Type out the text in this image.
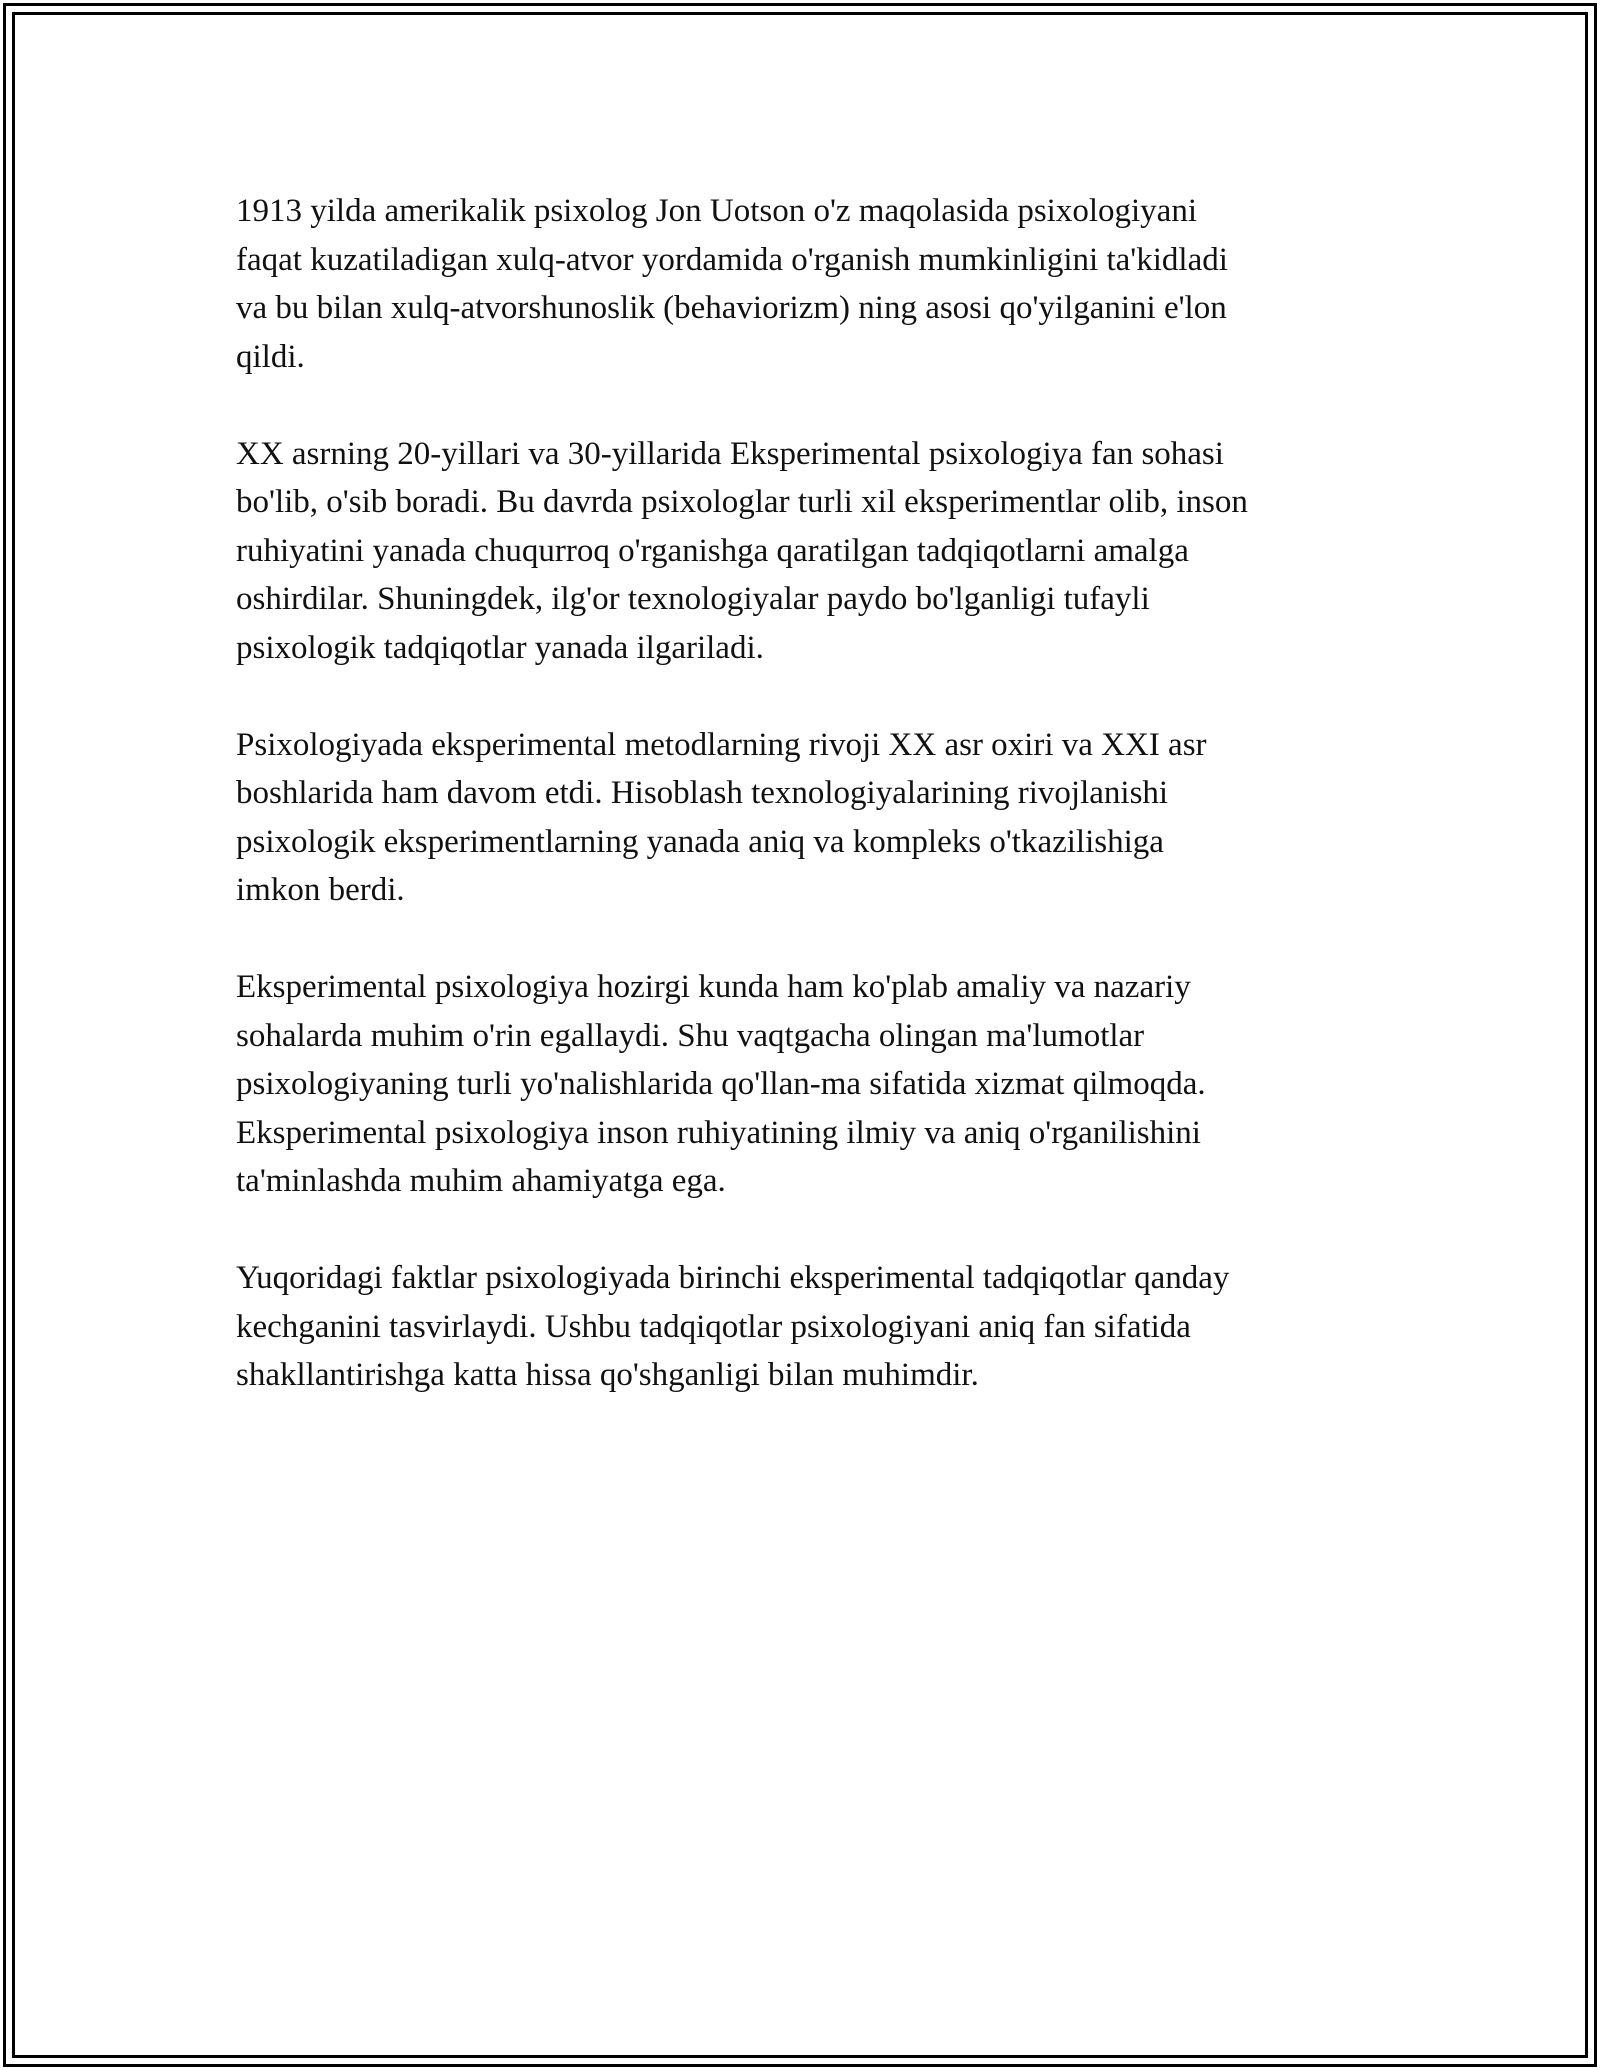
1913 yilda amerikalik psixolog Jon Uotson o'z maqolasida psixologiyani
faqat kuzatiladigan xulq-atvor yordamida o'rganish mumkinligini ta'kidladi
va bu bilan xulq-atvorshunoslik (behaviorizm) ning asosi qo'yilganini e'lon
qildi.

XX asrning 20-yillari va 30-yillarida Eksperimental psixologiya fan sohasi
bo'lib, o'sib boradi. Bu davrda psixologlar turli xil eksperimentlar olib, inson
ruhiyatini yanada chuqurroq o'rganishga qaratilgan tadqiqotlarni amalga
oshirdilar. Shuningdek, ilg'or texnologiyalar paydo bo'lganligi tufayli
psixologik tadqiqotlar yanada ilgariladi.

Psixologiyada eksperimental metodlarning rivoji XX asr oxiri va XXI asr
boshlarida ham davom etdi. Hisoblash texnologiyalarining rivojlanishi
psixologik eksperimentlarning yanada aniq va kompleks o'tkazilishiga
imkon berdi.

Eksperimental psixologiya hozirgi kunda ham ko'plab amaliy va nazariy
sohalarda muhim o'rin egallaydi. Shu vaqtgacha olingan ma'lumotlar
psixologiyaning turli yo'nalishlarida qo'llan-ma sifatida xizmat qilmoqda.
Eksperimental psixologiya inson ruhiyatining ilmiy va aniq o'rganilishini
ta'minlashda muhim ahamiyatga ega.

Yuqoridagi faktlar psixologiyada birinchi eksperimental tadqiqotlar qanday
kechganini tasvirlaydi. Ushbu tadqiqotlar psixologiyani aniq fan sifatida
shakllantirishga katta hissa qo'shganligi bilan muhimdir.
